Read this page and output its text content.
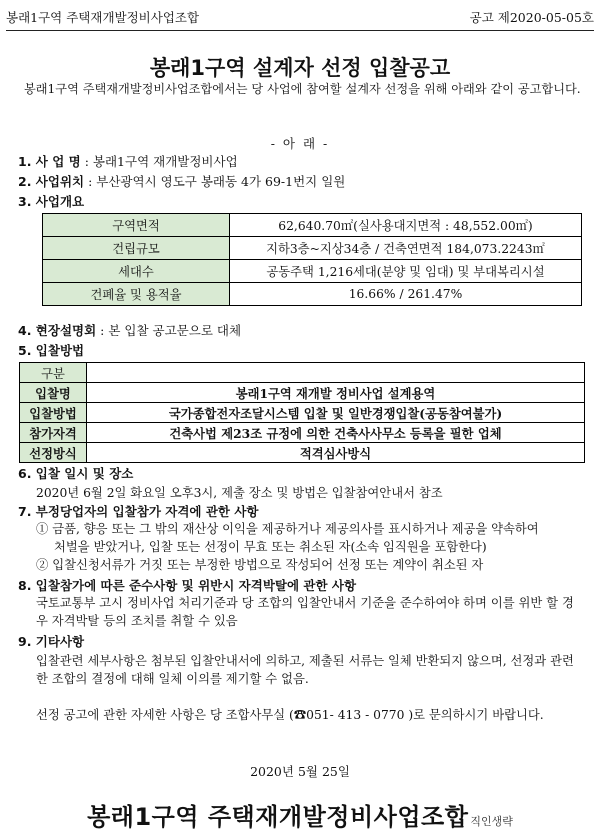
봉래1구역 주택재개발정비사업조합	공고 제2020-05-05호
봉래1구역 설계자 선정 입찰공고
봉래1구역 주택재개발정비사업조합에서는 당 사업에 참여할 설계자 선정을 위해 아래와 같이 공고합니다.
- 아 래 -
1. 사 업 명 : 봉래1구역 재개발정비사업
2. 사업위치 : 부산광역시 영도구 봉래동 4가 69-1번지 일원
3. 사업개요
구역면적	62,640.70㎡(실사용대지면적 : 48,552.00㎡)
건립규모	지하3층~지상34층 / 건축연면적 184,073.2243㎡
세대수	공동주택 1,216세대(분양 및 임대) 및 부대복리시설
건폐율 및 용적율	16.66% / 261.47%
4. 현장설명회 : 본 입찰 공고문으로 대체
5. 입찰방법
구분	
입찰명	봉래1구역 재개발 정비사업 설계용역
입찰방법	국가종합전자조달시스템 입찰 및 일반경쟁입찰(공동참여불가)
참가자격	건축사법 제23조 규정에 의한 건축사사무소 등록을 필한 업체
선정방식	적격심사방식
6. 입찰 일시 및 장소
2020년 6월 2일 화요일 오후3시, 제출 장소 및 방법은 입찰참여안내서 참조
7. 부정당업자의 입찰참가 자격에 관한 사항
① 금품, 향응 또는 그 밖의 재산상 이익을 제공하거나 제공의사를 표시하거나 제공을 약속하여
처벌을 받았거나, 입찰 또는 선정이 무효 또는 취소된 자(소속 임직원을 포함한다)
② 입찰신청서류가 거짓 또는 부정한 방법으로 작성되어 선정 또는 계약이 취소된 자
8. 입찰참가에 따른 준수사항 및 위반시 자격박탈에 관한 사항
국토교통부 고시 정비사업 처리기준과 당 조합의 입찰안내서 기준을 준수하여야 하며 이를 위반 할 경우 자격박탈 등의 조치를 취할 수 있음
9. 기타사항
입찰관련 세부사항은 첨부된 입찰안내서에 의하고, 제출된 서류는 일체 반환되지 않으며, 선정과 관련한 조합의 결정에 대해 일체 이의를 제기할 수 없음.
선정 공고에 관한 자세한 사항은 당 조합사무실 (☎051- 413 - 0770 )로 문의하시기 바랍니다.
2020년 5월 25일
봉래1구역 주택재개발정비사업조합 직인생략
